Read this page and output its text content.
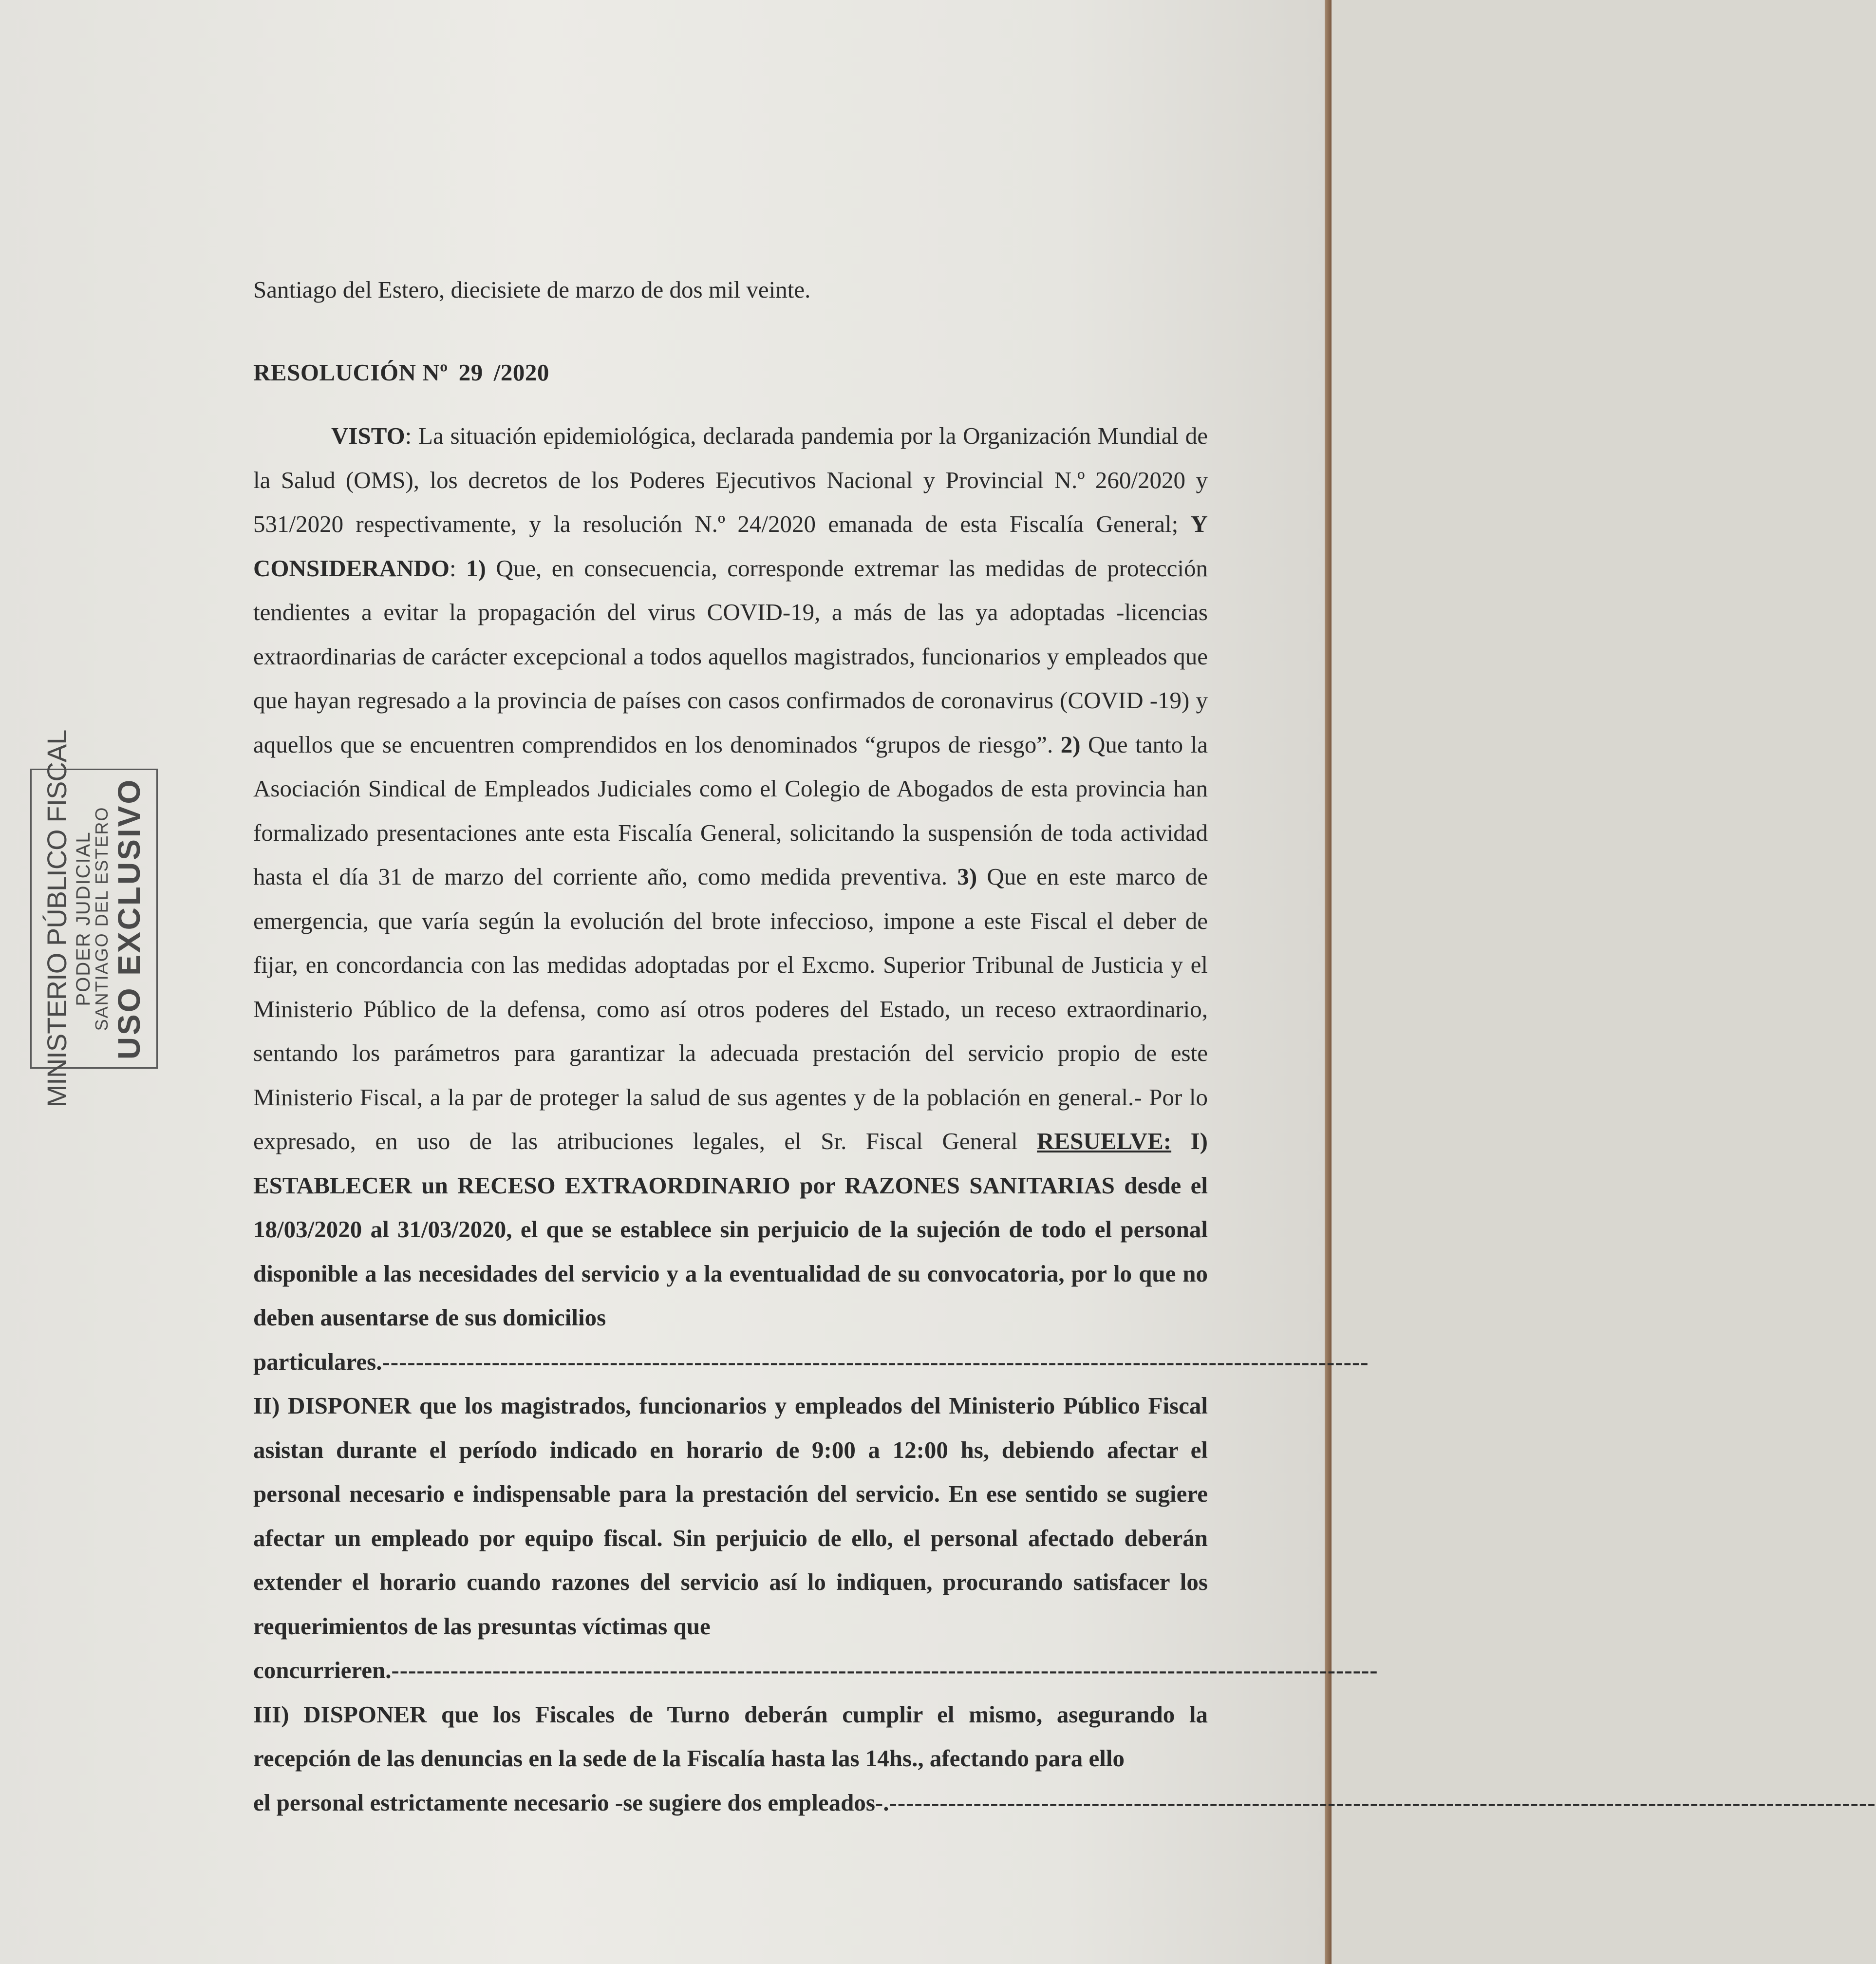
MINISTERIO PÚBLICO FISCAL PODER JUDICIAL
SANTIAGO DEL ESTERO USO EXCLUSIVO

Santiago del Estero, diecisiete de marzo de dos mil veinte.

RESOLUCIÓN Nº 29 /2020

VISTO: La situación epidemiológica, declarada pandemia por la Organización Mundial de la Salud (OMS), los decretos de los Poderes Ejecutivos Nacional y Provincial N.º 260/2020 y 531/2020 respectivamente, y la resolución N.º 24/2020 emanada de esta Fiscalía General; Y CONSIDERANDO: 1) Que, en consecuencia, corresponde extremar las medidas de protección tendientes a evitar la propagación del virus COVID-19, a más de las ya adoptadas -licencias extraordinarias de carácter excepcional a todos aquellos magistrados, funcionarios y empleados que que hayan regresado a la provincia de países con casos confirmados de coronavirus (COVID -19) y aquellos que se encuentren comprendidos en los denominados “grupos de riesgo”. 2) Que tanto la Asociación Sindical de Empleados Judiciales como el Colegio de Abogados de esta provincia han formalizado presentaciones ante esta Fiscalía General, solicitando la suspensión de toda actividad hasta el día 31 de marzo del corriente año, como medida preventiva. 3) Que en este marco de emergencia, que varía según la evolución del brote infeccioso, impone a este Fiscal el deber de fijar, en concordancia con las medidas adoptadas por el Excmo. Superior Tribunal de Justicia y el Ministerio Público de la defensa, como así otros poderes del Estado, un receso extraordinario, sentando los parámetros para garantizar la adecuada prestación del servicio propio de este Ministerio Fiscal, a la par de proteger la salud de sus agentes y de la población en general.- Por lo expresado, en uso de las atribuciones legales, el Sr. Fiscal General RESUELVE: I) ESTABLECER un RECESO EXTRAORDINARIO por RAZONES SANITARIAS desde el 18/03/2020 al 31/03/2020, el que se establece sin perjuicio de la sujeción de todo el personal disponible a las necesidades del servicio y a la eventualidad de su convocatoria, por lo que no deben ausentarse de sus domicilios

particulares. ---------------------------------------------------------------------------------------------------------------------

II) DISPONER que los magistrados, funcionarios y empleados del Ministerio Público Fiscal asistan durante el período indicado en horario de 9:00 a 12:00 hs, debiendo afectar el personal necesario e indispensable para la prestación del servicio. En ese sentido se sugiere afectar un empleado por equipo fiscal. Sin perjuicio de ello, el personal afectado deberán extender el horario cuando razones del servicio así lo indiquen, procurando satisfacer los requerimientos de las presuntas víctimas que

concurrieren. ---------------------------------------------------------------------------------------------------------------------

III) DISPONER que los Fiscales de Turno deberán cumplir el mismo, asegurando la recepción de las denuncias en la sede de la Fiscalía hasta las 14hs., afectando para ello

el personal estrictamente necesario -se sugiere dos empleados-. ---------------------------------------------------------------------------------------------------------------------
